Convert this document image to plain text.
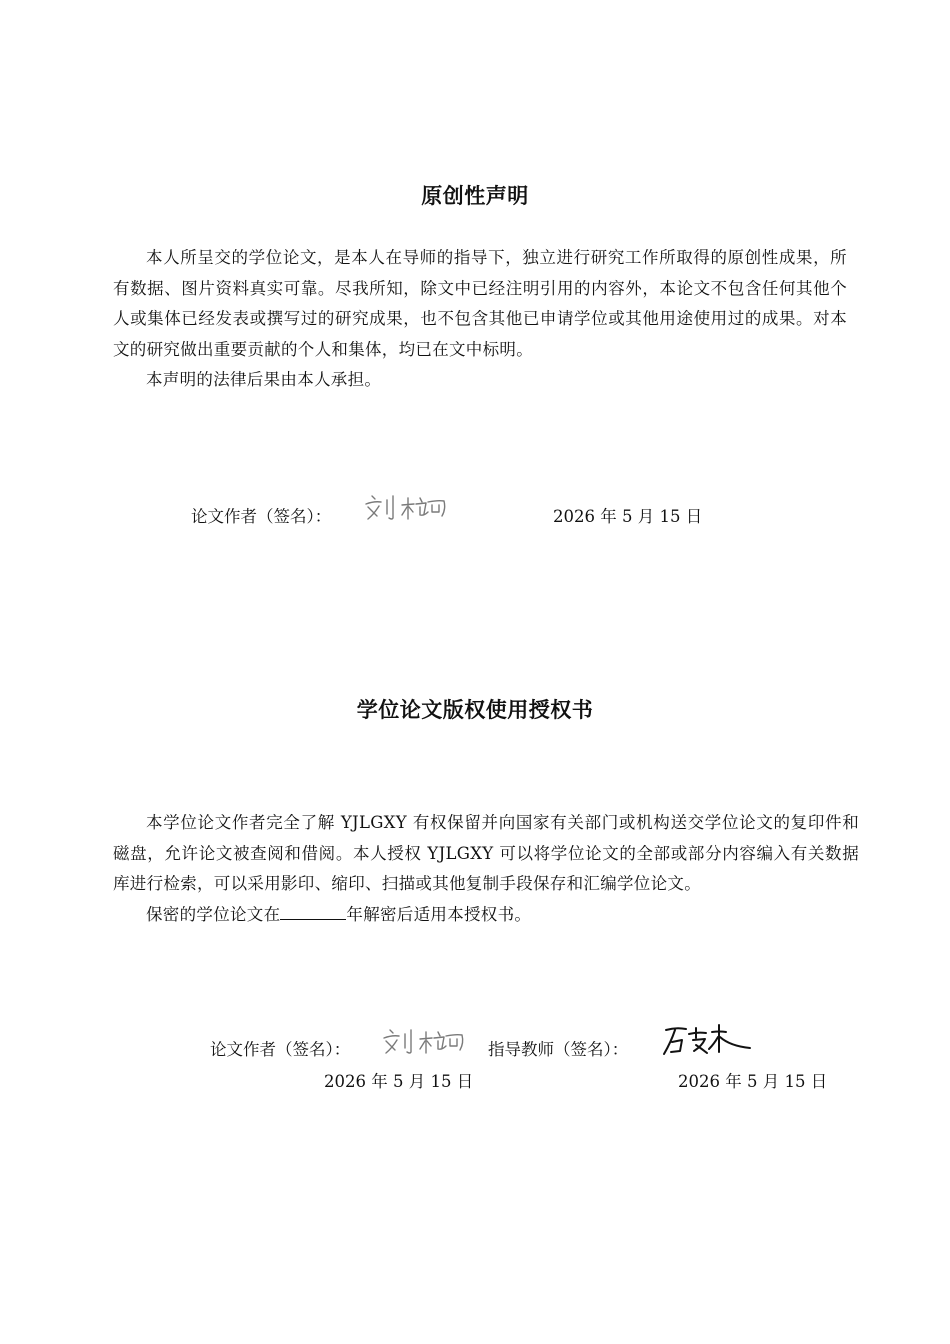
原创性声明

本人所呈交的学位论文，是本人在导师的指导下，独立进行研究工作所取得的原创性成果，所有数据、图片资料真实可靠。尽我所知，除文中已经注明引用的内容外，本论文不包含任何其他个人或集体已经发表或撰写过的研究成果，也不包含其他已申请学位或其他用途使用过的成果。对本文的研究做出重要贡献的个人和集体，均已在文中标明。

本声明的法律后果由本人承担。

论文作者（签名）：	2026 年 5 月 15 日
学位论文版权使用授权书

本学位论文作者完全了解 YJLGXY 有权保留并向国家有关部门或机构送交学位论文的复印件和磁盘，允许论文被查阅和借阅。本人授权 YJLGXY 可以将学位论文的全部或部分内容编入有关数据库进行检索，可以采用影印、缩印、扫描或其他复制手段保存和汇编学位论文。

保密的学位论文在	年解密后适用本授权书。

论文作者（签名）：	指导教师（签名）：
2026 年 5 月 15 日	2026 年 5 月 15 日
